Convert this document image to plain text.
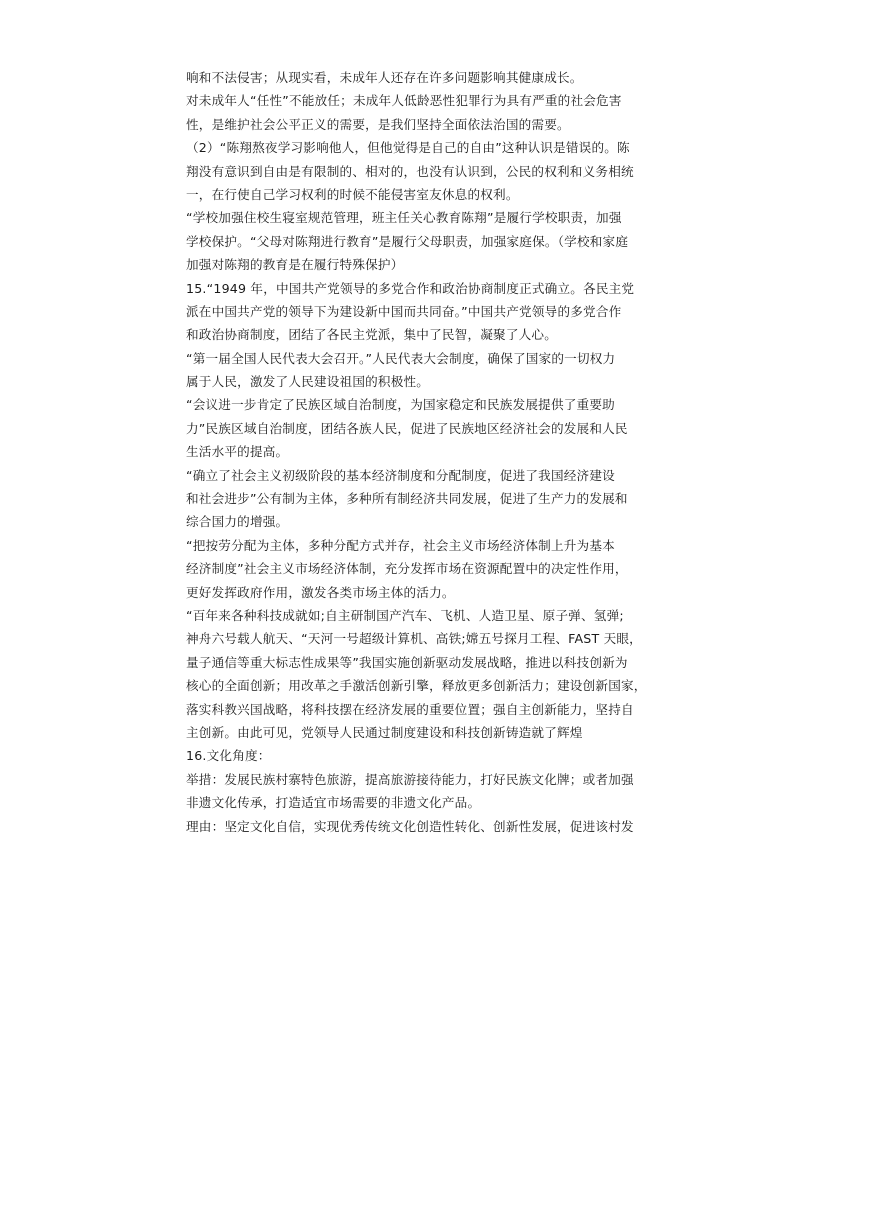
响和不法侵害；从现实看，未成年人还存在许多问题影响其健康成长。
对未成年人“任性”不能放任；未成年人低龄恶性犯罪行为具有严重的社会危害
性，是维护社会公平正义的需要，是我们坚持全面依法治国的需要。
（2）“陈翔熬夜学习影响他人，但他觉得是自己的自由”这种认识是错误的。陈
翔没有意识到自由是有限制的、相对的，也没有认识到，公民的权利和义务相统
一，在行使自己学习权利的时候不能侵害室友休息的权利。
“学校加强住校生寝室规范管理，班主任关心教育陈翔”是履行学校职责，加强
学校保护。“父母对陈翔进行教育”是履行父母职责，加强家庭保。（学校和家庭
加强对陈翔的教育是在履行特殊保护）
15.“1949 年，中国共产党领导的多党合作和政治协商制度正式确立。各民主党
派在中国共产党的领导下为建设新中国而共同奋。”中国共产党领导的多党合作
和政治协商制度，团结了各民主党派，集中了民智，凝聚了人心。
“第一届全国人民代表大会召开。”人民代表大会制度，确保了国家的一切权力
属于人民，激发了人民建设祖国的积极性。
“会议进一步肯定了民族区域自治制度，为国家稳定和民族发展提供了重要助
力”民族区域自治制度，团结各族人民，促进了民族地区经济社会的发展和人民
生活水平的提高。
“确立了社会主义初级阶段的基本经济制度和分配制度，促进了我国经济建设
和社会进步”公有制为主体，多种所有制经济共同发展，促进了生产力的发展和
综合国力的增强。
“把按劳分配为主体，多种分配方式并存，社会主义市场经济体制上升为基本
经济制度”社会主义市场经济体制，充分发挥市场在资源配置中的决定性作用，
更好发挥政府作用，激发各类市场主体的活力。
“百年来各种科技成就如;自主研制国产汽车、飞机、人造卫星、原子弹、氢弹;
神舟六号载人航天、“天河一号超级计算机、高铁;嫦五号探月工程、FAST 天眼，
量子通信等重大标志性成果等”我国实施创新驱动发展战略，推进以科技创新为
核心的全面创新；用改革之手激活创新引擎，释放更多创新活力；建设创新国家，
落实科教兴国战略，将科技摆在经济发展的重要位置；强自主创新能力，坚持自
主创新。由此可见，党领导人民通过制度建设和科技创新铸造就了辉煌
16.文化角度：
举措：发展民族村寨特色旅游，提高旅游接待能力，打好民族文化牌；或者加强
非遗文化传承，打造适宜市场需要的非遗文化产品。
理由：坚定文化自信，实现优秀传统文化创造性转化、创新性发展，促进该村发
